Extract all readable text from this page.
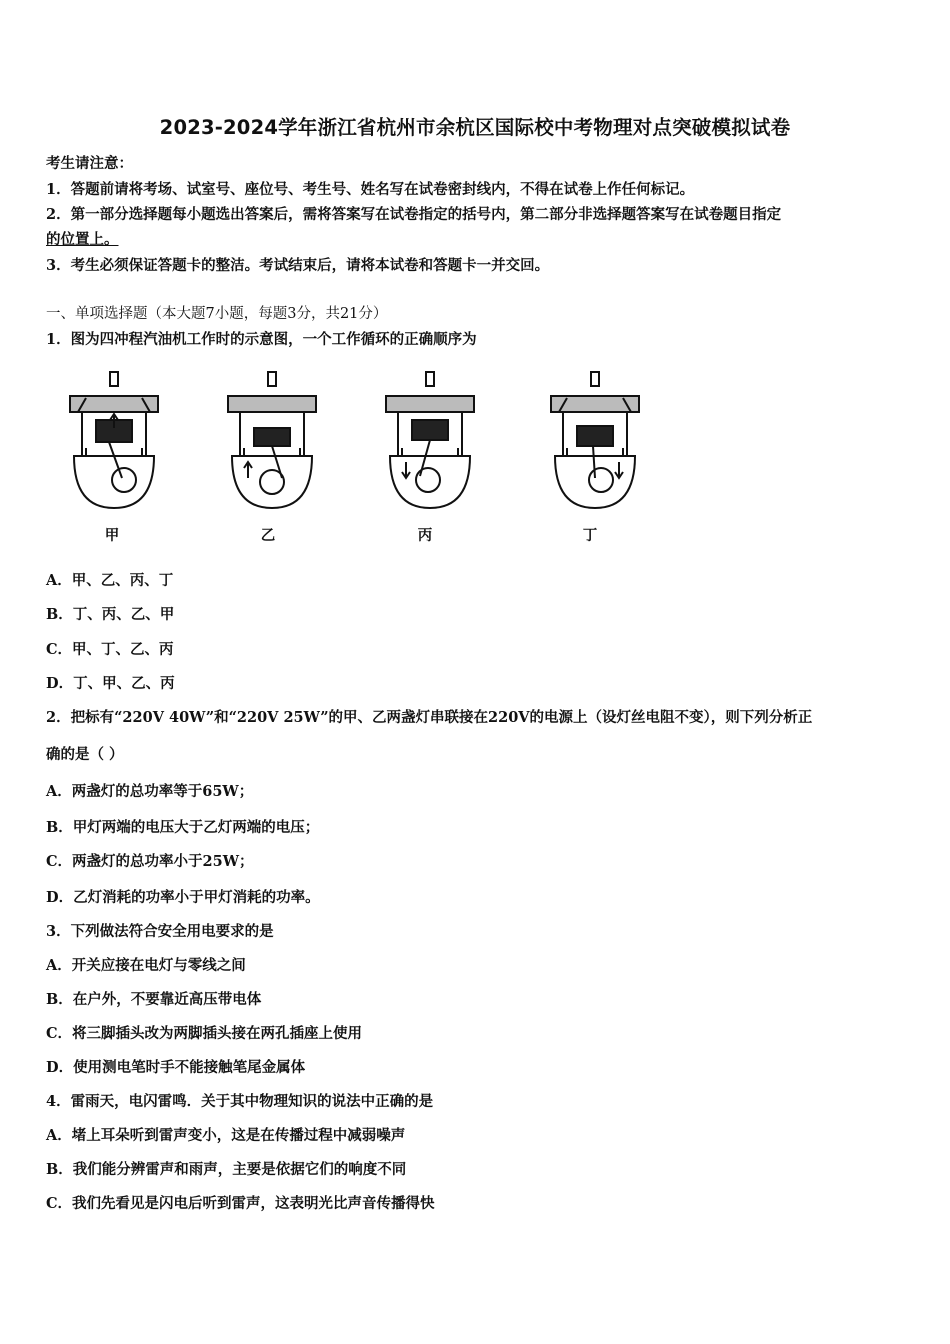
2023-2024学年浙江省杭州市余杭区国际校中考物理对点突破模拟试卷
考生请注意：
1．答题前请将考场、试室号、座位号、考生号、姓名写在试卷密封线内，不得在试卷上作任何标记。
2．第一部分选择题每小题选出答案后，需将答案写在试卷指定的括号内，第二部分非选择题答案写在试卷题目指定
的位置上。
3．考生必须保证答题卡的整洁。考试结束后，请将本试卷和答题卡一并交回。
一、单项选择题（本大题7小题，每题3分，共21分）
1．图为四冲程汽油机工作时的示意图，一个工作循环的正确顺序为
甲	乙	丙	丁
A．甲、乙、丙、丁
B．丁、丙、乙、甲
C．甲、丁、乙、丙
D．丁、甲、乙、丙
2．把标有“220V 40W”和“220V 25W”的甲、乙两盏灯串联接在220V的电源上（设灯丝电阻不变），则下列分析正
确的是（ ）
A．两盏灯的总功率等于65W；
B．甲灯两端的电压大于乙灯两端的电压；
C．两盏灯的总功率小于25W；
D．乙灯消耗的功率小于甲灯消耗的功率。
3．下列做法符合安全用电要求的是
A．开关应接在电灯与零线之间
B．在户外，不要靠近高压带电体
C．将三脚插头改为两脚插头接在两孔插座上使用
D．使用测电笔时手不能接触笔尾金属体
4．雷雨天，电闪雷鸣．关于其中物理知识的说法中正确的是
A．堵上耳朵听到雷声变小，这是在传播过程中减弱噪声
B．我们能分辨雷声和雨声，主要是依据它们的响度不同
C．我们先看见是闪电后听到雷声，这表明光比声音传播得快
